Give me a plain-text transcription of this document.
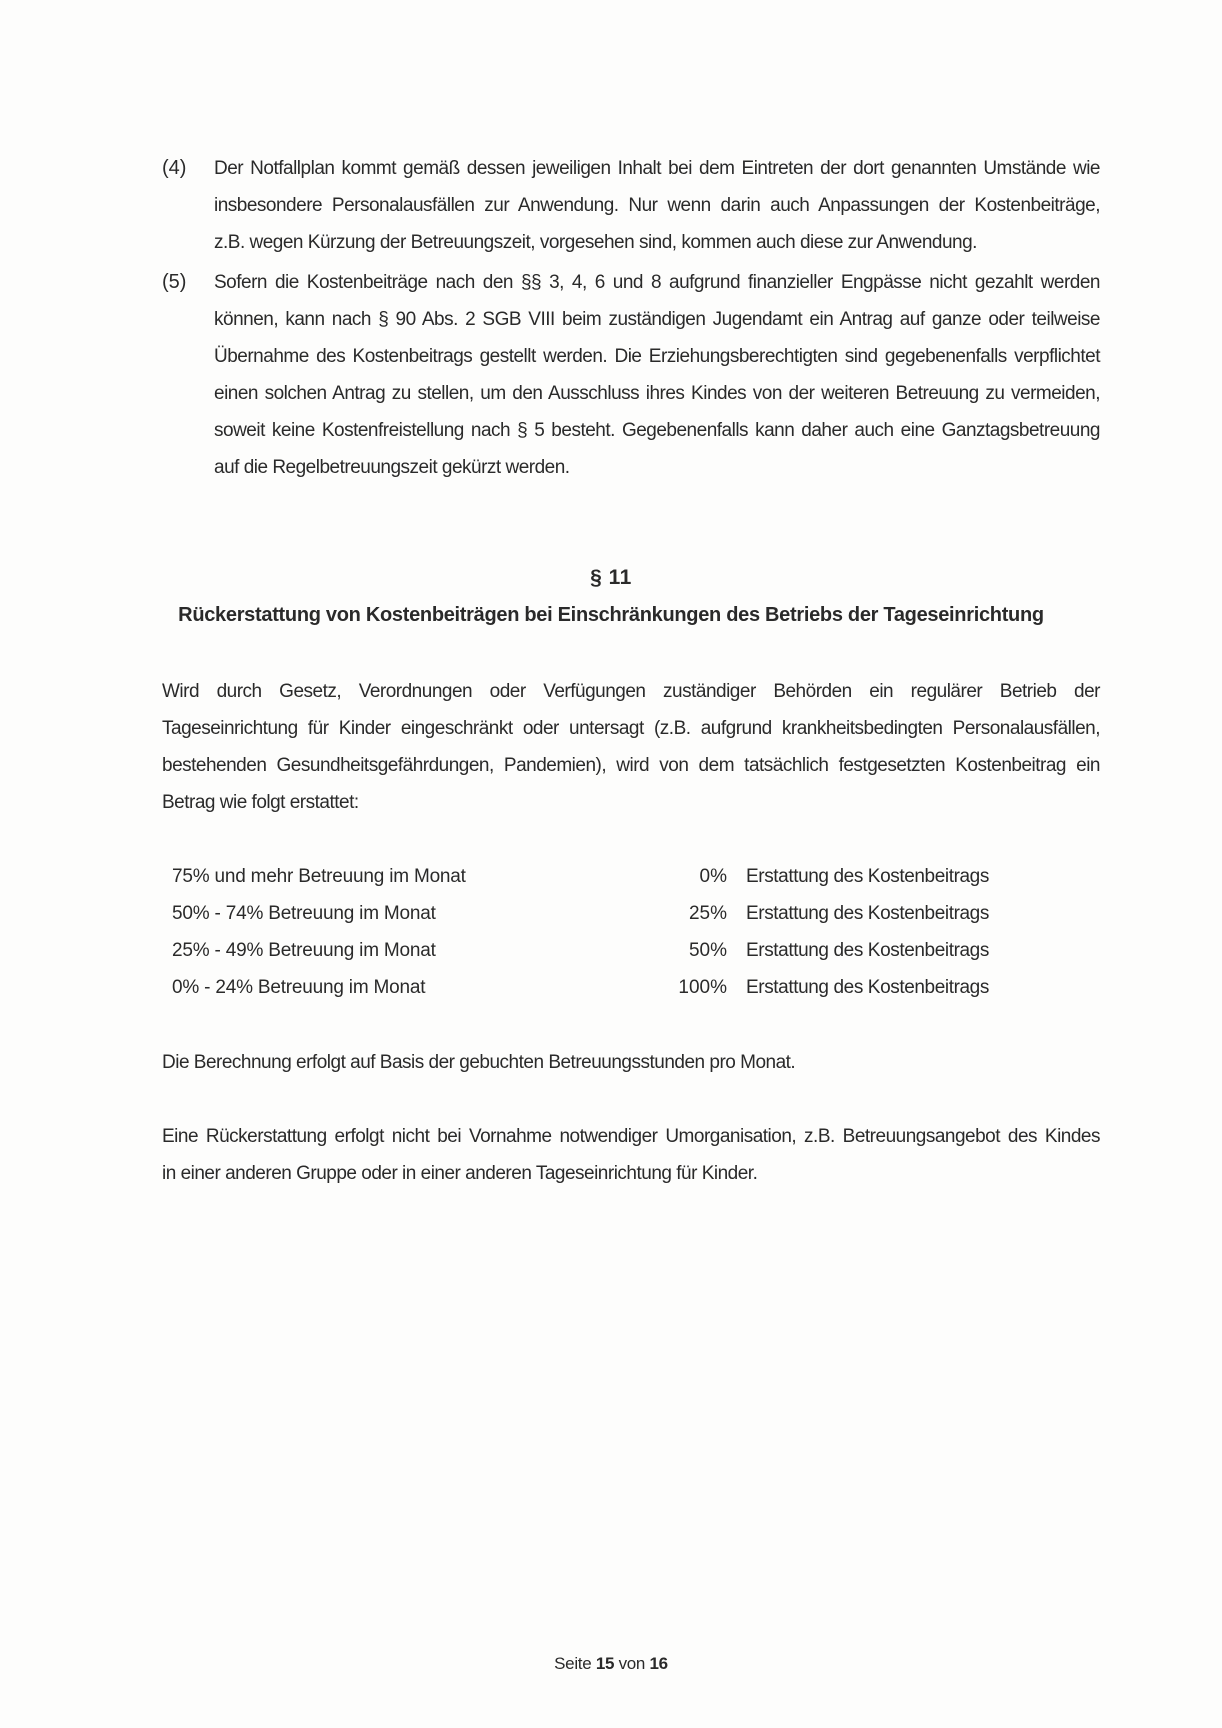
(4)	Der Notfallplan kommt gemäß dessen jeweiligen Inhalt bei dem Eintreten der dort genannten Umstände wie
insbesondere Personalausfällen zur Anwendung. Nur wenn darin auch Anpassungen der Kostenbeiträge,
z.B. wegen Kürzung der Betreuungszeit, vorgesehen sind, kommen auch diese zur Anwendung.
(5)	Sofern die Kostenbeiträge nach den §§ 3, 4, 6 und 8 aufgrund finanzieller Engpässe nicht gezahlt werden
können, kann nach § 90 Abs. 2 SGB VIII beim zuständigen Jugendamt ein Antrag auf ganze oder teilweise
Übernahme des Kostenbeitrags gestellt werden. Die Erziehungsberechtigten sind gegebenenfalls verpflichtet
einen solchen Antrag zu stellen, um den Ausschluss ihres Kindes von der weiteren Betreuung zu vermeiden,
soweit keine Kostenfreistellung nach § 5 besteht. Gegebenenfalls kann daher auch eine Ganztagsbetreuung
auf die Regelbetreuungszeit gekürzt werden.
§ 11
Rückerstattung von Kostenbeiträgen bei Einschränkungen des Betriebs der Tageseinrichtung
Wird durch Gesetz, Verordnungen oder Verfügungen zuständiger Behörden ein regulärer Betrieb der
Tageseinrichtung für Kinder eingeschränkt oder untersagt (z.B. aufgrund krankheitsbedingten Personalausfällen,
bestehenden Gesundheitsgefährdungen, Pandemien), wird von dem tatsächlich festgesetzten Kostenbeitrag ein
Betrag wie folgt erstattet:
75% und mehr Betreuung im Monat	0% Erstattung des Kostenbeitrags
50% - 74% Betreuung im Monat	25% Erstattung des Kostenbeitrags
25% - 49% Betreuung im Monat	50% Erstattung des Kostenbeitrags
0% - 24% Betreuung im Monat	100% Erstattung des Kostenbeitrags
Die Berechnung erfolgt auf Basis der gebuchten Betreuungsstunden pro Monat.
Eine Rückerstattung erfolgt nicht bei Vornahme notwendiger Umorganisation, z.B. Betreuungsangebot des Kindes
in einer anderen Gruppe oder in einer anderen Tageseinrichtung für Kinder.
Seite 15 von 16
